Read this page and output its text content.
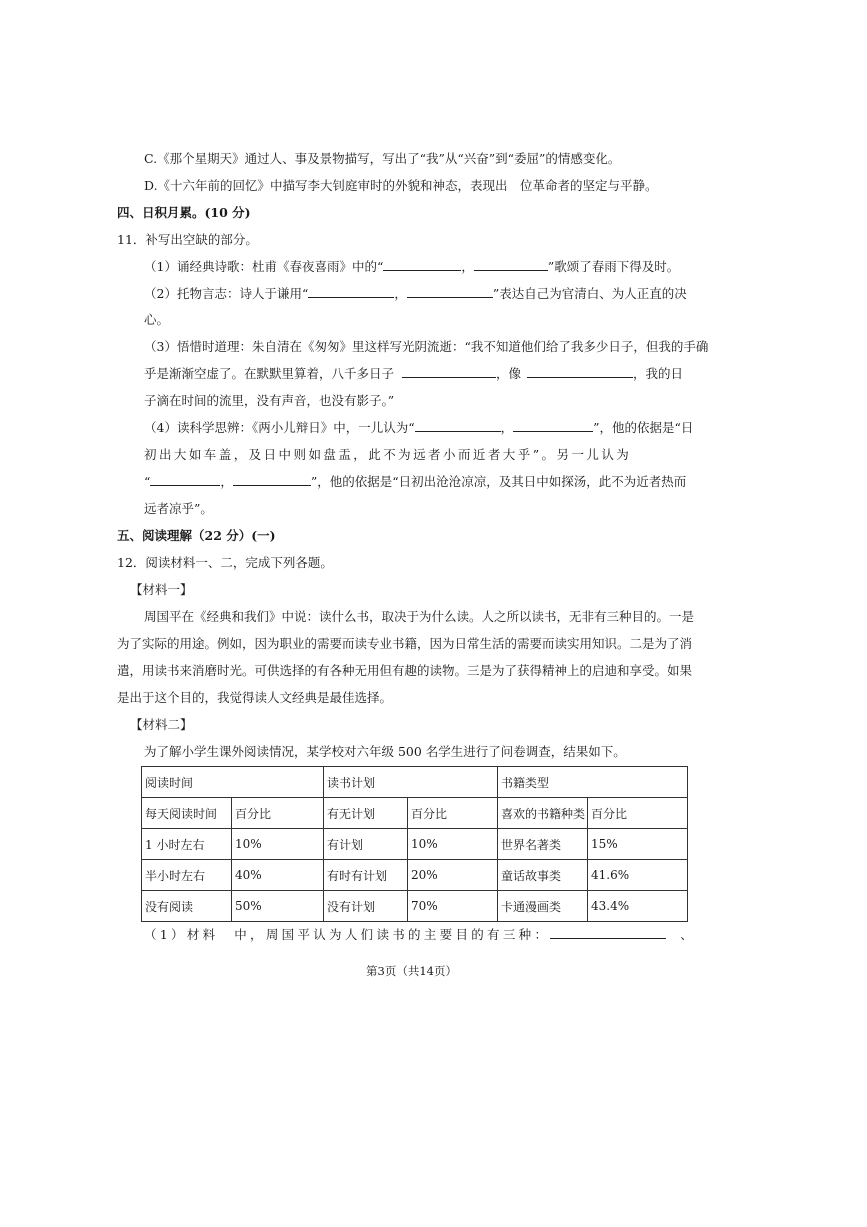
C.《那个星期天》通过人、事及景物描写，写出了“我”从“兴奋”到“委屈”的情感变化。
D.《十六年前的回忆》中描写李大钊庭审时的外貌和神态，表现出　位革命者的坚定与平静。
四、日积月累。(10 分)
11．补写出空缺的部分。
（1）诵经典诗歌：杜甫《春夜喜雨》中的“	，	”歌颂了春雨下得及时。
（2）托物言志：诗人于谦用“	，	”表达自己为官清白、为人正直的决
心。
（3）悟惜时道理：朱自清在《匆匆》里这样写光阴流逝：“我不知道他们给了我多少日子，但我的手确
乎是渐渐空虚了。在默默里算着，八千多日子	，像	，我的日
子滴在时间的流里，没有声音，也没有影子。”
（4）读科学思辨：《两小儿辩日》中，一儿认为“	，	”，他的依据是“日
初出大如车盖，及日中则如盘盂，此不为远者小而近者大乎”。另一儿认为
“	，	”，他的依据是“日初出沧沧凉凉，及其日中如探汤，此不为近者热而
远者凉乎”。
五、阅读理解（22 分）(一)
12．阅读材料一、二，完成下列各题。
【材料一】
周国平在《经典和我们》中说：读什么书，取决于为什么读。人之所以读书，无非有三种目的。一是
为了实际的用途。例如，因为职业的需要而读专业书籍，因为日常生活的需要而读实用知识。二是为了消
遣，用读书来消磨时光。可供选择的有各种无用但有趣的读物。三是为了获得精神上的启迪和享受。如果
是出于这个目的，我觉得读人文经典是最佳选择。
【材料二】
为了解小学生课外阅读情况，某学校对六年级 500 名学生进行了问卷调查，结果如下。
阅读时间		读书计划		书籍类型	
每天阅读时间	百分比	有无计划	百分比	喜欢的书籍种类	百分比
1 小时左右	10%	有计划	10%	世界名著类	15%
半小时左右	40%	有时有计划	20%	童话故事类	41.6%
没有阅读	50%	没有计划	70%	卡通漫画类	43.4%
（1）材料　中，周国平认为人们读书的主要目的有三种：	、
第3页（共14页）
